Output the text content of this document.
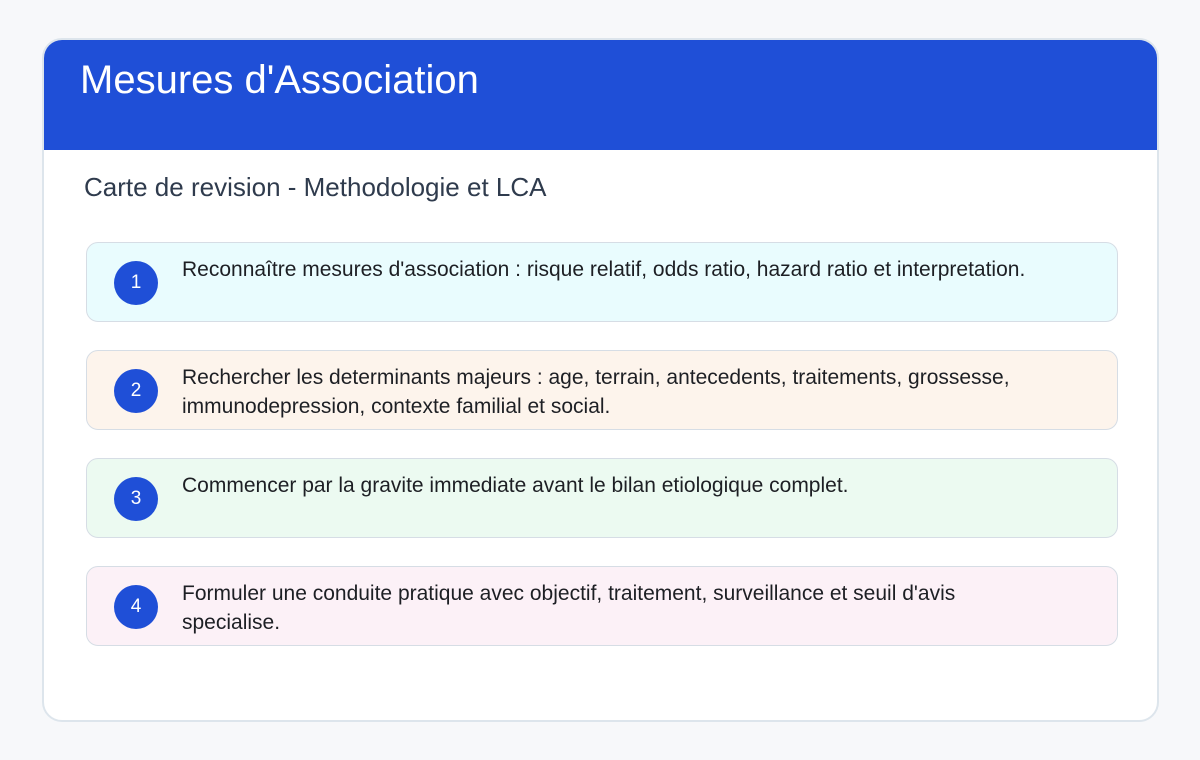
Mesures d'Association
Carte de revision - Methodologie et LCA
1
Reconnaître mesures d'association : risque relatif, odds ratio, hazard ratio et interpretation.
2
Rechercher les determinants majeurs : age, terrain, antecedents, traitements, grossesse, immunodepression, contexte familial et social.
3
Commencer par la gravite immediate avant le bilan etiologique complet.
4
Formuler une conduite pratique avec objectif, traitement, surveillance et seuil d'avis specialise.
